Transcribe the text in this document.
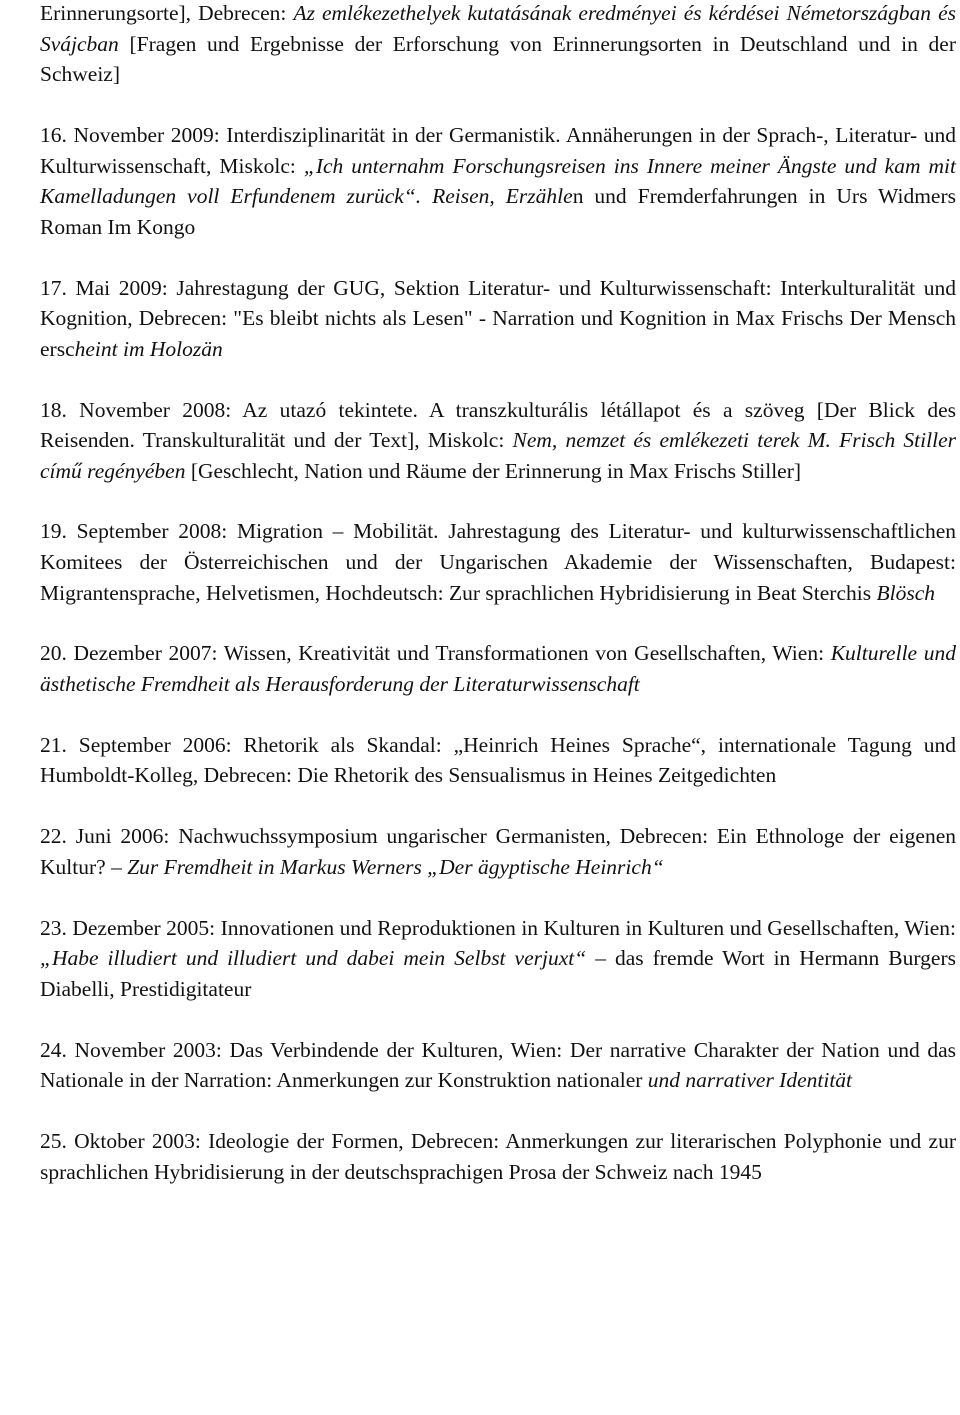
Erinnerungsorte], Debrecen: Az emlékezethelyek kutatásának eredményei és kérdései Németországban és Svájcban [Fragen und Ergebnisse der Erforschung von Erinnerungsorten in Deutschland und in der Schweiz]

16. November 2009: Interdisziplinarität in der Germanistik. Annäherungen in der Sprach-, Literatur- und Kulturwissenschaft, Miskolc: „Ich unternahm Forschungsreisen ins Innere meiner Ängste und kam mit Kamelladungen voll Erfundenem zurück“. Reisen, Erzählen und Fremderfahrungen in Urs Widmers Roman Im Kongo

17. Mai 2009: Jahrestagung der GUG, Sektion Literatur- und Kulturwissenschaft: Interkulturalität und Kognition, Debrecen: "Es bleibt nichts als Lesen" - Narration und Kognition in Max Frischs Der Mensch erscheint im Holozän

18. November 2008: Az utazó tekintete. A transzkulturális létállapot és a szöveg [Der Blick des Reisenden. Transkulturalität und der Text], Miskolc: Nem, nemzet és emlékezeti terek M. Frisch Stiller című regényében [Geschlecht, Nation und Räume der Erinnerung in Max Frischs Stiller]

19. September 2008: Migration – Mobilität. Jahrestagung des Literatur- und kulturwissenschaftlichen Komitees der Österreichischen und der Ungarischen Akademie der Wissenschaften, Budapest: Migrantensprache, Helvetismen, Hochdeutsch: Zur sprachlichen Hybridisierung in Beat Sterchis Blösch

20. Dezember 2007: Wissen, Kreativität und Transformationen von Gesellschaften, Wien: Kulturelle und ästhetische Fremdheit als Herausforderung der Literaturwissenschaft

21. September 2006: Rhetorik als Skandal: „Heinrich Heines Sprache“, internationale Tagung und Humboldt-Kolleg, Debrecen: Die Rhetorik des Sensualismus in Heines Zeitgedichten

22. Juni 2006: Nachwuchssymposium ungarischer Germanisten, Debrecen: Ein Ethnologe der eigenen Kultur? – Zur Fremdheit in Markus Werners „Der ägyptische Heinrich“

23. Dezember 2005: Innovationen und Reproduktionen in Kulturen in Kulturen und Gesellschaften, Wien: „Habe illudiert und illudiert und dabei mein Selbst verjuxt“ – das fremde Wort in Hermann Burgers Diabelli, Prestidigitateur

24. November 2003: Das Verbindende der Kulturen, Wien: Der narrative Charakter der Nation und das Nationale in der Narration: Anmerkungen zur Konstruktion nationaler und narrativer Identität

25. Oktober 2003: Ideologie der Formen, Debrecen: Anmerkungen zur literarischen Polyphonie und zur sprachlichen Hybridisierung in der deutschsprachigen Prosa der Schweiz nach 1945
